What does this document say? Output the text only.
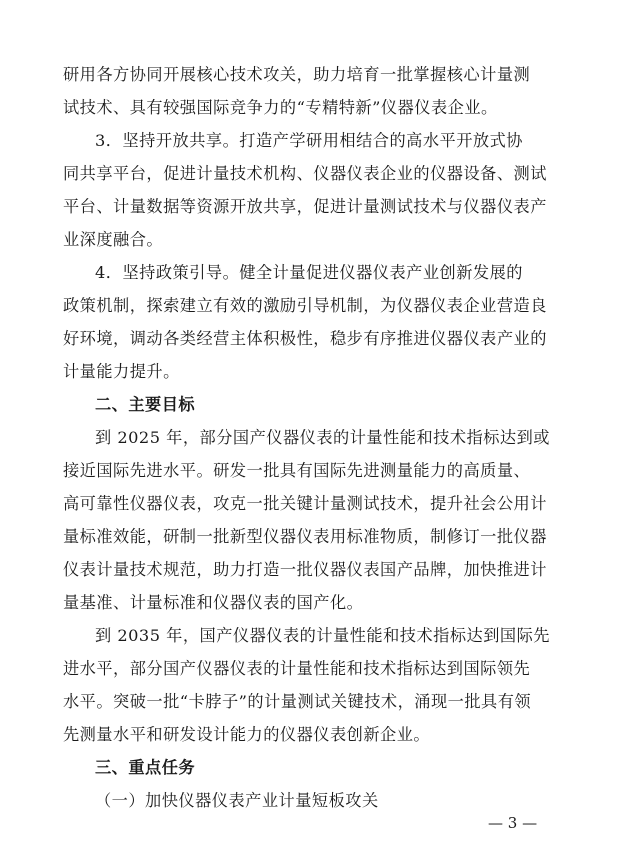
研用各方协同开展核心技术攻关，助力培育一批掌握核心计量测
试技术、具有较强国际竞争力的“专精特新”仪器仪表企业。
3．坚持开放共享。打造产学研用相结合的高水平开放式协
同共享平台，促进计量技术机构、仪器仪表企业的仪器设备、测试
平台、计量数据等资源开放共享，促进计量测试技术与仪器仪表产
业深度融合。
4．坚持政策引导。健全计量促进仪器仪表产业创新发展的
政策机制，探索建立有效的激励引导机制，为仪器仪表企业营造良
好环境，调动各类经营主体积极性，稳步有序推进仪器仪表产业的
计量能力提升。
二、主要目标
到 2025 年，部分国产仪器仪表的计量性能和技术指标达到或
接近国际先进水平。研发一批具有国际先进测量能力的高质量、
高可靠性仪器仪表，攻克一批关键计量测试技术，提升社会公用计
量标准效能，研制一批新型仪器仪表用标准物质，制修订一批仪器
仪表计量技术规范，助力打造一批仪器仪表国产品牌，加快推进计
量基准、计量标准和仪器仪表的国产化。
到 2035 年，国产仪器仪表的计量性能和技术指标达到国际先
进水平，部分国产仪器仪表的计量性能和技术指标达到国际领先
水平。突破一批“卡脖子”的计量测试关键技术，涌现一批具有领
先测量水平和研发设计能力的仪器仪表创新企业。
三、重点任务
（一）加快仪器仪表产业计量短板攻关
— 3 —
